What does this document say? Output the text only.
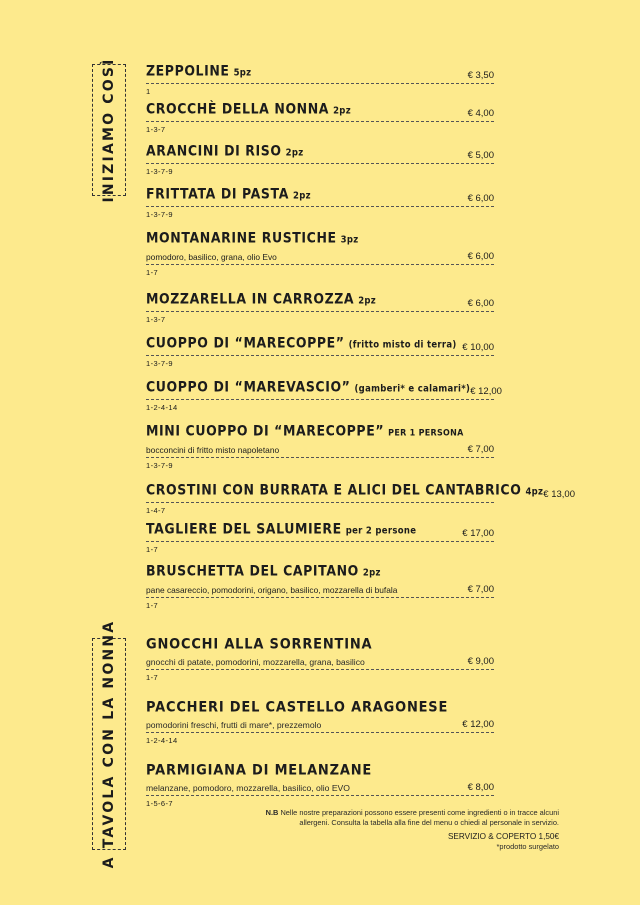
INIZIAMO COSÌ
A TAVOLA CON LA NONNA
ZEPPOLINE 5pz	€ 3,50
1
CROCCHÈ DELLA NONNA 2pz	€ 4,00
1-3-7
ARANCINI DI RISO 2pz	€ 5,00
1-3-7-9
FRITTATA DI PASTA 2pz	€ 6,00
1-3-7-9
MONTANARINE RUSTICHE 3pz
pomodoro, basilico, grana, olio Evo	€ 6,00
1-7
MOZZARELLA IN CARROZZA 2pz	€ 6,00
1-3-7
CUOPPO DI “MARECOPPE” (fritto misto di terra) € 10,00
1-3-7-9
CUOPPO DI “MAREVASCIO” (gamberi* e calamari*) € 12,00
1-2-4-14
MINI CUOPPO DI “MARECOPPE” PER 1 PERSONA
bocconcini di fritto misto napoletano	€ 7,00
1-3-7-9
CROSTINI CON BURRATA E ALICI DEL CANTABRICO 4pz € 13,00
1-4-7
TAGLIERE DEL SALUMIERE per 2 persone	€ 17,00
1-7
BRUSCHETTA DEL CAPITANO 2pz
pane casareccio, pomodorini, origano, basilico, mozzarella di bufala	€ 7,00
1-7
GNOCCHI ALLA SORRENTINA
gnocchi di patate, pomodorini, mozzarella, grana, basilico	€ 9,00
1-7
PACCHERI DEL CASTELLO ARAGONESE
pomodorini freschi, frutti di mare*, prezzemolo	€ 12,00
1-2-4-14
PARMIGIANA DI MELANZANE
melanzane, pomodoro, mozzarella, basilico, olio EVO	€ 8,00
1-5-6-7
N.B Nelle nostre preparazioni possono essere presenti come ingredienti o in tracce alcuni
allergeni. Consulta la tabella alla fine del menu o chiedi al personale in servizio.
SERVIZIO & COPERTO 1,50€
*prodotto surgelato
